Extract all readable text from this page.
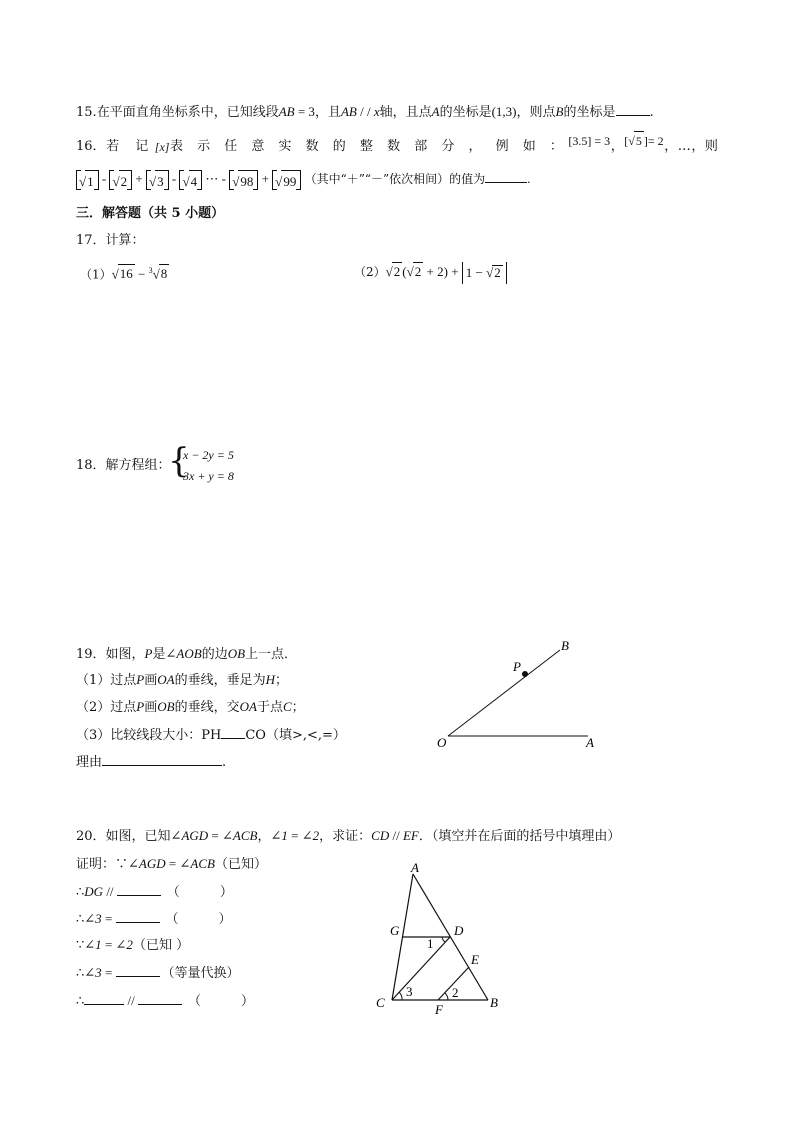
15.在平面直角坐标系中，已知线段AB = 3，且AB / / x轴，且点A的坐标是(1,3)，则点B的坐标是	.
16． 若 记 [x] 表 示 任 意 实 数 的 整 数 部 分 ， 例 如 ： [3.5] = 3 ， [√5 ]= 2 ， … ， 则
√1 - √2 + √3 - √4 ⋯ - √98 + √99 （其中“＋”“－”依次相间）的值为	.
三．解答题（共 5 小题）
17．计算：
（1）√16 − $^3$√8	（2）√2 (√2 + 2) + 1 − √2
18．解方程组：
{
x − 2y = 5
3x + y = 8
19．如图，P是∠AOB的边OB上一点．
（1）过点P画OA的垂线，垂足为H；
（2）过点P画OB的垂线，交OA于点C；
（3）比较线段大小：PH CO（填>,<,=）
理由	.
B
P
O	A
20．如图，已知∠AGD = ∠ACB，∠1 = ∠2，求证：CD // EF．（填空并在后面的括号中填理由）
证明：∵∠AGD = ∠ACB（已知）
∴DG //	（	）
∴∠3 =	（	）
∵∠1 = ∠2（已知 ）
∴∠3 =	（等量代换）
∴	//	（	）
A
G	D
E
C	F	B
1
2
3
